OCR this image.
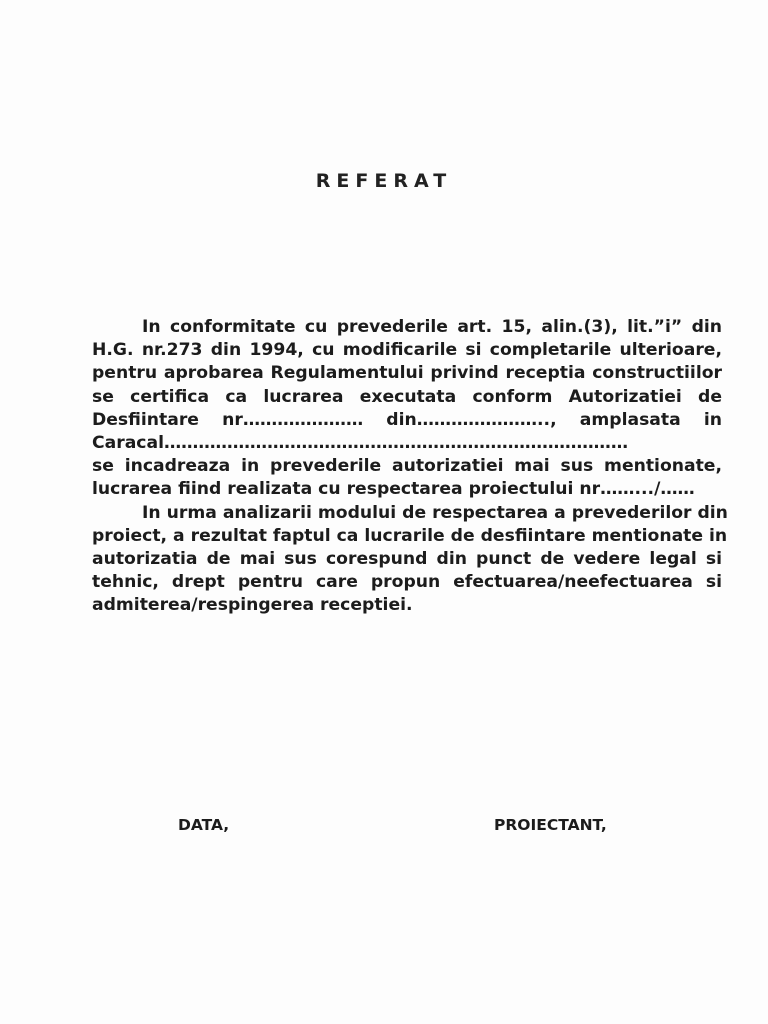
REFERAT
In conformitate cu prevederile art. 15, alin.(3), lit.”i” din
H.G. nr.273 din 1994, cu modificarile si completarile ulterioare,
pentru aprobarea Regulamentului privind receptia constructiilor
se certifica ca lucrarea executata conform Autorizatiei de
Desfiintare nr………………… din………………….., amplasata in
Caracal………………………………………………………………………
se incadreaza in prevederile autorizatiei mai sus mentionate,
lucrarea fiind realizata cu respectarea proiectului nr…….../……
In urma analizarii modului de respectarea a prevederilor din
proiect, a rezultat faptul ca lucrarile de desfiintare mentionate in
autorizatia de mai sus corespund din punct de vedere legal si
tehnic, drept pentru care propun efectuarea/neefectuarea si
admiterea/respingerea receptiei.
DATA,	PROIECTANT,
